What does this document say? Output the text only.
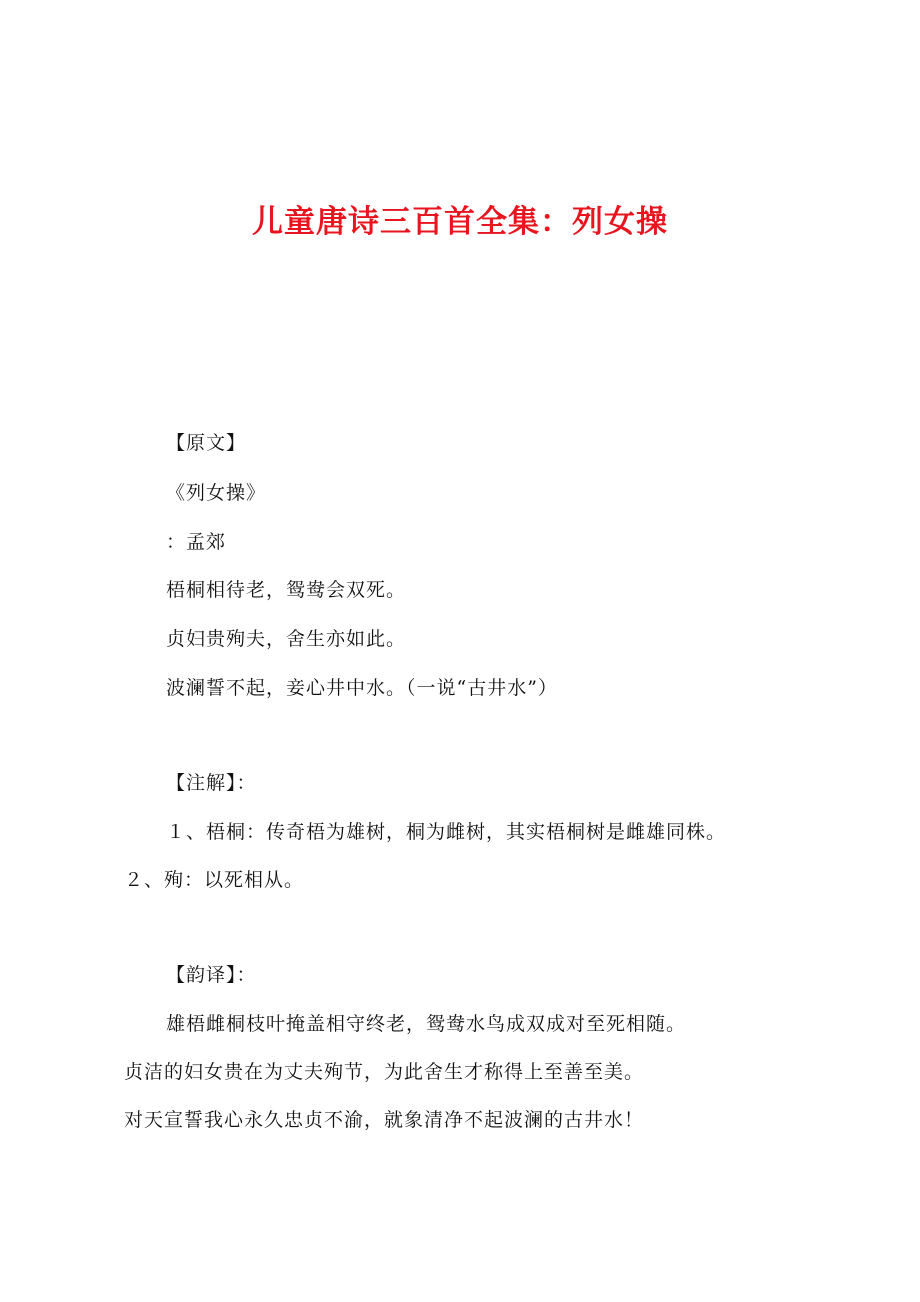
儿童唐诗三百首全集：列女操

【原文】

《列女操》

：孟郊

梧桐相待老，鸳鸯会双死。

贞妇贵殉夫，舍生亦如此。

波澜誓不起，妾心井中水。（一说“古井水”）

【注解】：

１、梧桐：传奇梧为雄树，桐为雌树，其实梧桐树是雌雄同株。

２、殉：以死相从。

【韵译】：

雄梧雌桐枝叶掩盖相守终老，鸳鸯水鸟成双成对至死相随。

贞洁的妇女贵在为丈夫殉节，为此舍生才称得上至善至美。

对天宣誓我心永久忠贞不渝，就象清净不起波澜的古井水！
